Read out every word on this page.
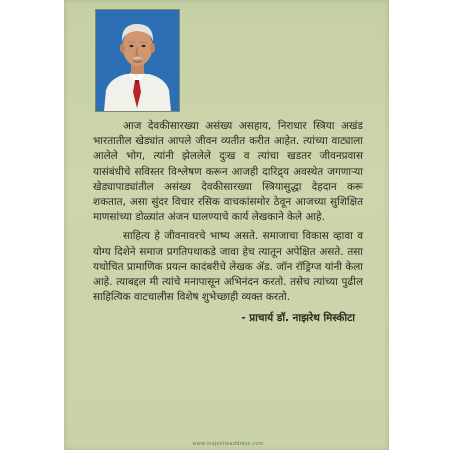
आज देवकीसारख्या असंख्य असहाय, निराधार स्त्रिया अखंड भारतातील खेड्यांत आपले जीवन व्यतीत करीत आहेत. त्यांच्या वाट्याला आलेले भोग, त्यांनी झेललेले दुःख व त्यांचा खडतर जीवनप्रवास यासंबंधीचे सविस्तर विश्लेषण करून आजही दारिद्र्य अवस्थेत जगणाऱ्या खेड्यापाड्यांतील असंख्य देवकीसारख्या स्त्रियासुद्धा देहदान करू शकतात, असा सुंदर विचार रसिक वाचकांसमोर ठेवून आजच्या सुशिक्षित माणसांच्या डोळ्यांत अंजन घालण्याचे कार्य लेखकाने केले आहे.

साहित्य हे जीवनावरचे भाष्य असते. समाजाचा विकास व्हावा व योग्य दिशेने समाज प्रगतिपथाकडे जावा हेच त्यातून अपेक्षित असते. तसा यथोचित प्रामाणिक प्रयत्न कादंबरीचे लेखक ॲड. जॉन रॉड्रिग्ज यांनी केला आहे. त्याबद्दल मी त्यांचे मनापासून अभिनंदन करतो. तसेच त्यांच्या पुढील साहित्यिक वाटचालीस विशेष शुभेच्छाही व्यक्त करतो.

- प्राचार्य डॉ. नाझरेथ मिस्कीटा
www.majestieaddress.com
